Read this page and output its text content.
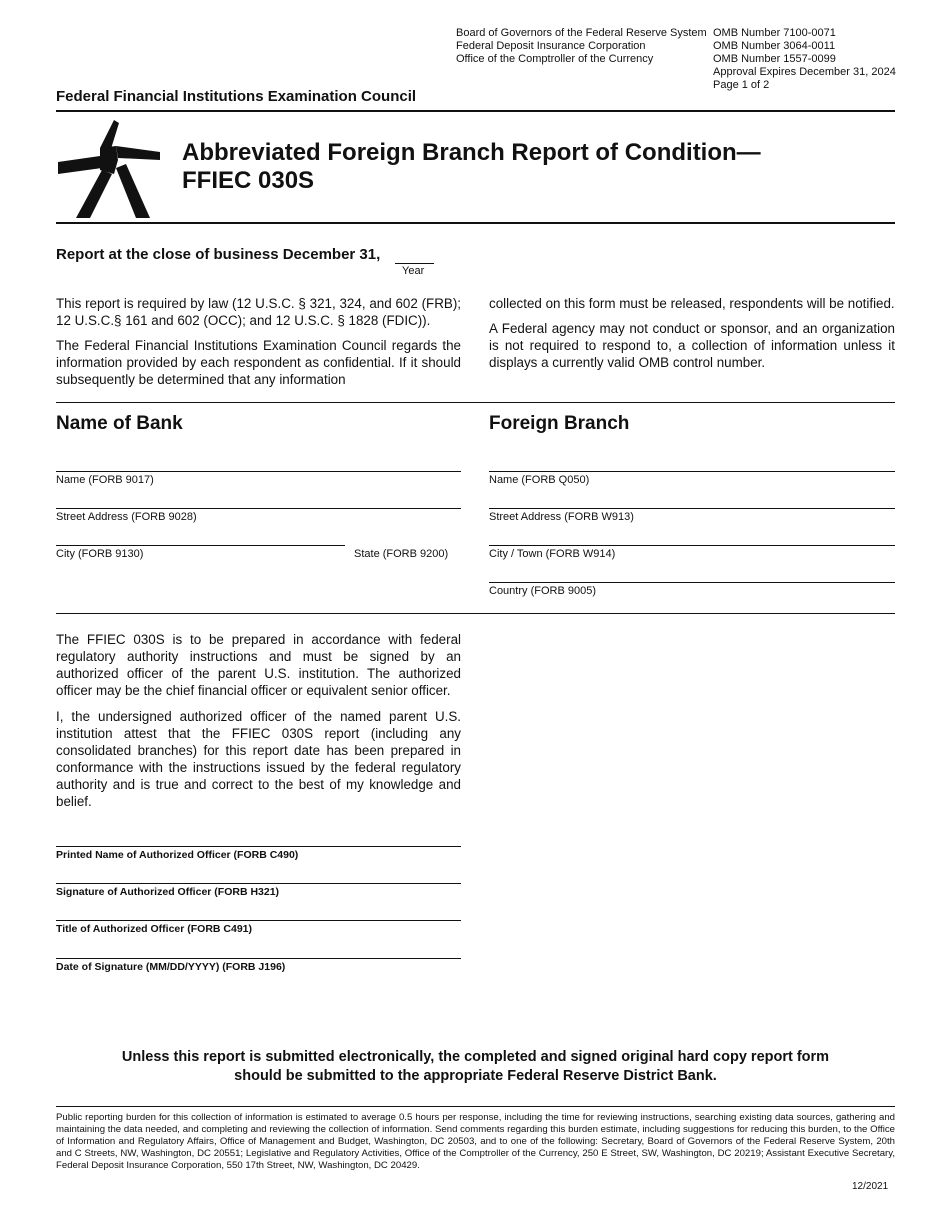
Board of Governors of the Federal Reserve System
Federal Deposit Insurance Corporation
Office of the Comptroller of the Currency
OMB Number 7100-0071
OMB Number 3064-0011
OMB Number 1557-0099
Approval Expires December 31, 2024
Page 1 of 2
Federal Financial Institutions Examination Council
Abbreviated Foreign Branch Report of Condition—
FFIEC 030S
Report at the close of business December 31,
Year

This report is required by law (12 U.S.C. § 321, 324, and 602 (FRB); 12 U.S.C.§ 161 and 602 (OCC); and 12 U.S.C. § 1828 (FDIC)).

The Federal Financial Institutions Examination Council regards the information provided by each respondent as confidential. If it should subsequently be determined that any information

collected on this form must be released, respondents will be notified.

A Federal agency may not conduct or sponsor, and an organization is not required to respond to, a collection of information unless it displays a currently valid OMB control number.

Name of Bank
Name (FORB 9017)
Street Address (FORB 9028)
City (FORB 9130)	State (FORB 9200)
Foreign Branch
Name (FORB Q050)
Street Address (FORB W913)
City / Town (FORB W914)
Country (FORB 9005)

The FFIEC 030S is to be prepared in accordance with federal regulatory authority instructions and must be signed by an authorized officer of the parent U.S. institution. The authorized officer may be the chief financial officer or equivalent senior officer.

I, the undersigned authorized officer of the named parent U.S. institution attest that the FFIEC 030S report (including any consolidated branches) for this report date has been prepared in conformance with the instructions issued by the federal regulatory authority and is true and correct to the best of my knowledge and belief.

Printed Name of Authorized Officer (FORB C490)
Signature of Authorized Officer (FORB H321)
Title of Authorized Officer (FORB C491)
Date of Signature (MM/DD/YYYY) (FORB J196)
Unless this report is submitted electronically, the completed and signed original hard copy report form
should be submitted to the appropriate Federal Reserve District Bank.
Public reporting burden for this collection of information is estimated to average 0.5 hours per response, including the time for reviewing instructions, searching existing data sources, gathering and maintaining the data needed, and completing and reviewing the collection of information. Send comments regarding this burden estimate, including suggestions for reducing this burden, to the Office of Information and Regulatory Affairs, Office of Management and Budget, Washington, DC 20503, and to one of the following: Secretary, Board of Governors of the Federal Reserve System, 20th and C Streets, NW, Washington, DC 20551; Legislative and Regulatory Activities, Office of the Comptroller of the Currency, 250 E Street, SW, Washington, DC 20219; Assistant Executive Secretary, Federal Deposit Insurance Corporation, 550 17th Street, NW, Washington, DC 20429.
12/2021
